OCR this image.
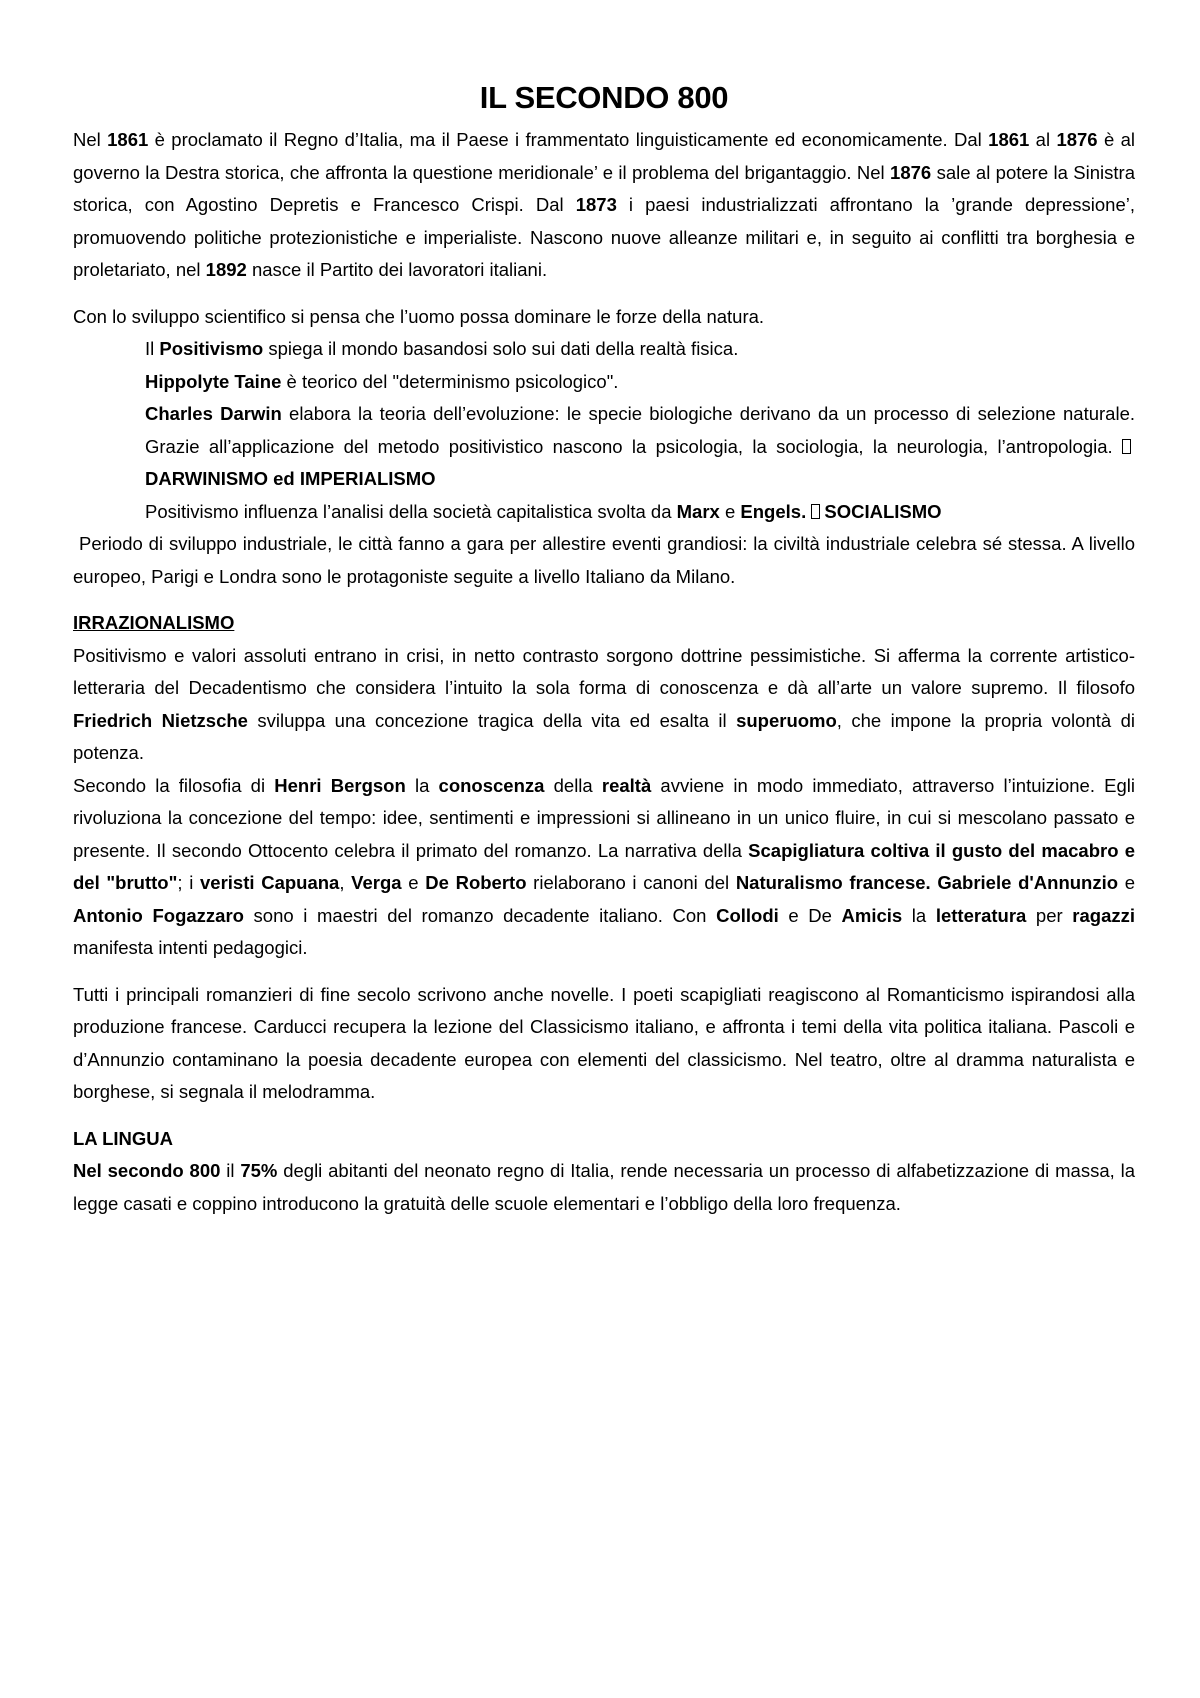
IL SECONDO 800

Nel 1861 è proclamato il Regno d’Italia, ma il Paese i frammentato linguisticamente ed economicamente. Dal 1861 al 1876 è al governo la Destra storica, che affronta la questione meridionale’ e il problema del brigantaggio. Nel 1876 sale al potere la Sinistra storica, con Agostino Depretis e Francesco Crispi. Dal 1873 i paesi industrializzati affrontano la ’grande depressione’, promuovendo politiche protezionistiche e imperialiste. Nascono nuove alleanze militari e, in seguito ai conflitti tra borghesia e proletariato, nel 1892 nasce il Partito dei lavoratori italiani.

Con lo sviluppo scientifico si pensa che l’uomo possa dominare le forze della natura.

Il Positivismo spiega il mondo basandosi solo sui dati della realtà fisica.

Hippolyte Taine è teorico del "determinismo psicologico".

Charles Darwin elabora la teoria dell’evoluzione: le specie biologiche derivano da un processo di selezione naturale. Grazie all’applicazione del metodo positivistico nascono la psicologia, la sociologia, la neurologia, l’antropologia. DARWINISMO ed IMPERIALISMO

Positivismo influenza l’analisi della società capitalistica svolta da Marx e Engels. SOCIALISMO

Periodo di sviluppo industriale, le città fanno a gara per allestire eventi grandiosi: la civiltà industriale celebra sé stessa. A livello europeo, Parigi e Londra sono le protagoniste seguite a livello Italiano da Milano.

IRRAZIONALISMO

Positivismo e valori assoluti entrano in crisi, in netto contrasto sorgono dottrine pessimistiche. Si afferma la corrente artistico-letteraria del Decadentismo che considera l’intuito la sola forma di conoscenza e dà all’arte un valore supremo. Il filosofo Friedrich Nietzsche sviluppa una concezione tragica della vita ed esalta il superuomo, che impone la propria volontà di potenza.

Secondo la filosofia di Henri Bergson la conoscenza della realtà avviene in modo immediato, attraverso l’intuizione. Egli rivoluziona la concezione del tempo: idee, sentimenti e impressioni si allineano in un unico fluire, in cui si mescolano passato e presente. Il secondo Ottocento celebra il primato del romanzo. La narrativa della Scapigliatura coltiva il gusto del macabro e del "brutto"; i veristi Capuana, Verga e De Roberto rielaborano i canoni del Naturalismo francese. Gabriele d'Annunzio e Antonio Fogazzaro sono i maestri del romanzo decadente italiano. Con Collodi e De Amicis la letteratura per ragazzi manifesta intenti pedagogici.

Tutti i principali romanzieri di fine secolo scrivono anche novelle. I poeti scapigliati reagiscono al Romanticismo ispirandosi alla produzione francese. Carducci recupera la lezione del Classicismo italiano, e affronta i temi della vita politica italiana. Pascoli e d’Annunzio contaminano la poesia decadente europea con elementi del classicismo. Nel teatro, oltre al dramma naturalista e borghese, si segnala il melodramma.

LA LINGUA

Nel secondo 800 il 75% degli abitanti del neonato regno di Italia, rende necessaria un processo di alfabetizzazione di massa, la legge casati e coppino introducono la gratuità delle scuole elementari e l’obbligo della loro frequenza.
